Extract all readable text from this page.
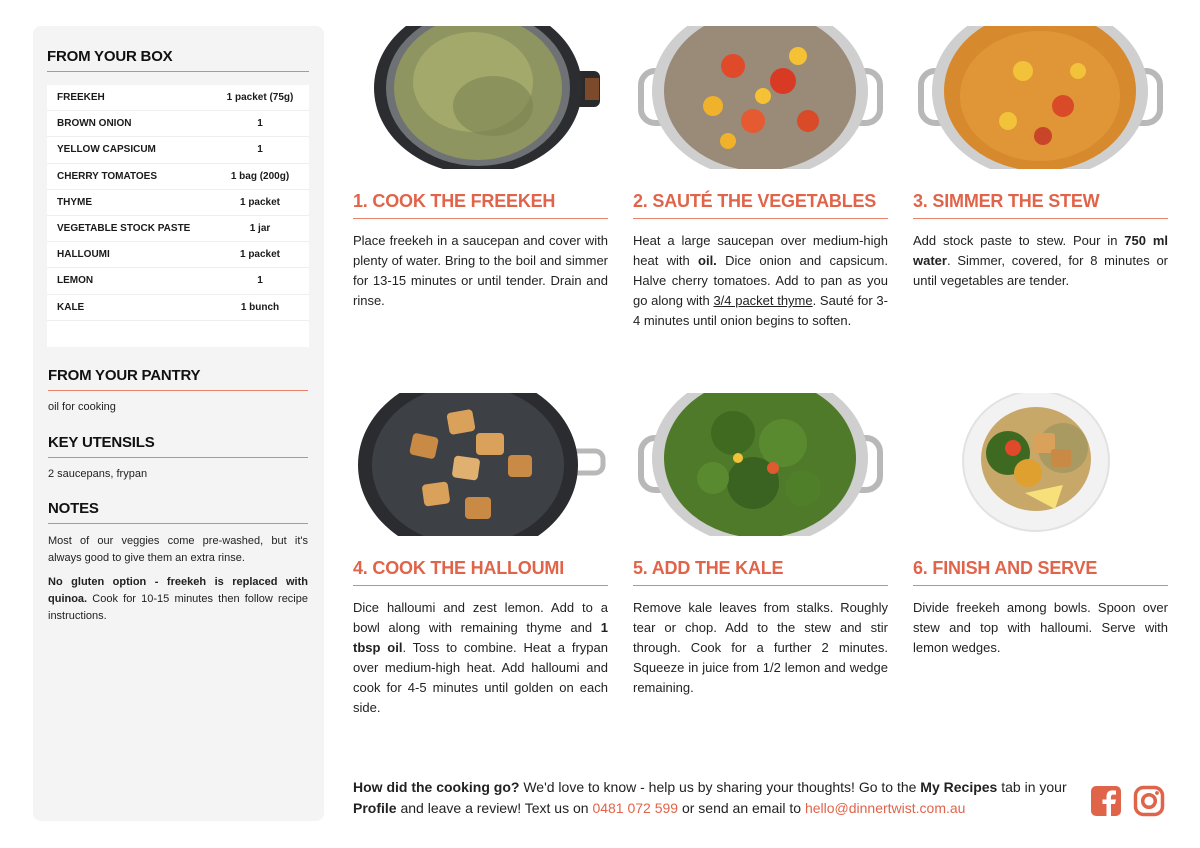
FROM YOUR BOX
FREEKEH	1 packet (75g)
BROWN ONION	1
YELLOW CAPSICUM	1
CHERRY TOMATOES	1 bag (200g)
THYME	1 packet
VEGETABLE STOCK PASTE	1 jar
HALLOUMI	1 packet
LEMON	1
KALE	1 bunch
FROM YOUR PANTRY
oil for cooking
KEY UTENSILS
2 saucepans, frypan
NOTES

Most of our veggies come pre-washed, but it's always good to give them an extra rinse.

No gluten option - freekeh is replaced with quinoa. Cook for 10-15 minutes then follow recipe instructions.

1. COOK THE FREEKEH
Place freekeh in a saucepan and cover with plenty of water. Bring to the boil and simmer for 13-15 minutes or until tender. Drain and rinse.
2. SAUTÉ THE VEGETABLES
Heat a large saucepan over medium-high heat with oil. Dice onion and capsicum. Halve cherry tomatoes. Add to pan as you go along with 3/4 packet thyme. Sauté for 3-4 minutes until onion begins to soften.
3. SIMMER THE STEW
Add stock paste to stew. Pour in 750 ml water. Simmer, covered, for 8 minutes or until vegetables are tender.
4. COOK THE HALLOUMI
Dice halloumi and zest lemon. Add to a bowl along with remaining thyme and 1 tbsp oil. Toss to combine. Heat a frypan over medium-high heat. Add halloumi and cook for 4-5 minutes until golden on each side.
5. ADD THE KALE
Remove kale leaves from stalks. Roughly tear or chop. Add to the stew and stir through. Cook for a further 2 minutes. Squeeze in juice from 1/2 lemon and wedge remaining.
6. FINISH AND SERVE
Divide freekeh among bowls. Spoon over stew and top with halloumi. Serve with lemon wedges.
How did the cooking go? We'd love to know - help us by sharing your thoughts! Go to the My Recipes tab in your Profile and leave a review! Text us on 0481 072 599 or send an email to hello@dinnertwist.com.au
